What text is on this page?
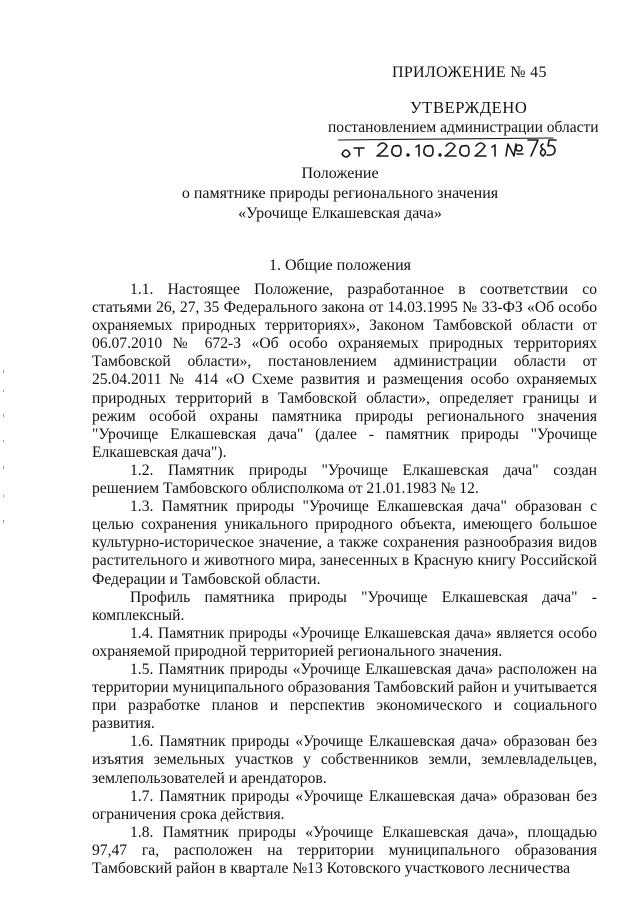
ПРИЛОЖЕНИЕ № 45
УТВЕРЖДЕНО
постановлением администрации области
Положение
о памятнике природы регионального значения
«Урочище Елкашевская дача»
1. Общие положения

1.1. Настоящее Положение, разработанное в соответствии со статьями 26, 27, 35 Федерального закона от 14.03.1995 № 33-ФЗ «Об особо охраняемых природных территориях», Законом Тамбовской области от 06.07.2010 № 672-З «Об особо охраняемых природных территориях Тамбовской области», постановлением администрации области от 25.04.2011 № 414 «О Схеме развития и размещения особо охраняемых природных территорий в Тамбовской области», определяет границы и режим особой охраны памятника природы регионального значения "Урочище Елкашевская дача" (далее - памятник природы "Урочище Елкашевская дача").

1.2. Памятник природы "Урочище Елкашевская дача" создан решением Тамбовского облисполкома от 21.01.1983 № 12.

1.3. Памятник природы "Урочище Елкашевская дача" образован с целью сохранения уникального природного объекта, имеющего большое культурно-историческое значение, а также сохранения разнообразия видов растительного и животного мира, занесенных в Красную книгу Российской Федерации и Тамбовской области.

Профиль памятника природы "Урочище Елкашевская дача" - комплексный.

1.4. Памятник природы «Урочище Елкашевская дача» является особо охраняемой природной территорией регионального значения.

1.5. Памятник природы «Урочище Елкашевская дача» расположен на территории муниципального образования Тамбовский район и учитывается при разработке планов и перспектив экономического и социального развития.

1.6. Памятник природы «Урочище Елкашевская дача» образован без изъятия земельных участков у собственников земли, землевладельцев, землепользователей и арендаторов.

1.7. Памятник природы «Урочище Елкашевская дача» образован без ограничения срока действия.

1.8. Памятник природы «Урочище Елкашевская дача», площадью 97,47 га, расположен на территории муниципального образования Тамбовский район в квартале №13 Котовского участкового лесничества
